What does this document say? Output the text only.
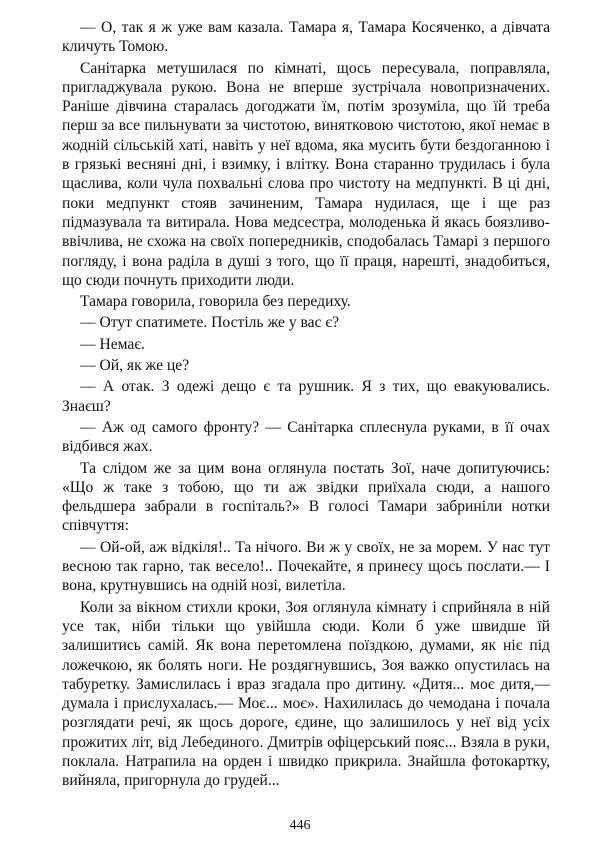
— О, так я ж уже вам казала. Тамара я, Тамара Косяченко, а дівчата кличуть Томою.

Санітарка метушилася по кімнаті, щось пересувала, поправляла, пригладжувала рукою. Вона не вперше зустрічала новопризначених. Раніше дівчина старалась догоджати їм, потім зрозуміла, що їй треба перш за все пильнувати за чистотою, винятковою чистотою, якої немає в жодній сільській хаті, навіть у неї вдома, яка мусить бути бездоганною і в грязькі весняні дні, і взимку, і влітку. Вона старанно трудилась і була щаслива, коли чула похвальні слова про чистоту на медпункті. В ці дні, поки медпункт стояв зачиненим, Тамара нудилася, ще і ще раз підмазувала та витирала. Нова медсестра, молоденька й якась боязливо-ввічлива, не схожа на своїх попередників, сподобалась Тамарі з першого погляду, і вона раділа в душі з того, що її праця, нарешті, знадобиться, що сюди почнуть приходити люди.

Тамара говорила, говорила без передиху.

— Отут спатимете. Постіль же у вас є?

— Немає.

— Ой, як же це?

— А отак. З одежі дещо є та рушник. Я з тих, що евакуювались. Знаєш?

— Аж од самого фронту? — Санітарка сплеснула руками, в її очах відбився жах.

Та слідом же за цим вона оглянула постать Зої, наче допитуючись: «Що ж таке з тобою, що ти аж звідки приїхала сюди, а нашого фельдшера забрали в госпіталь?» В голосі Тамари забриніли нотки співчуття:

— Ой-ой, аж відкіля!.. Та нічого. Ви ж у своїх, не за морем. У нас тут весною так гарно, так весело!.. Почекайте, я принесу щось послати.— І вона, крутнувшись на одній нозі, вилетіла.

Коли за вікном стихли кроки, Зоя оглянула кімнату і сприйняла в ній усе так, ніби тільки що увійшла сюди. Коли б уже швидше їй залишитись самій. Як вона перетомлена поїздкою, думами, як ніє під ложечкою, як болять ноги. Не роздягнувшись, Зоя важко опустилась на табуретку. Замислилась і враз згадала про дитину. «Дитя... моє дитя,— думала і прислухалась.— Моє... моє». Нахилилась до чемодана і почала розглядати речі, як щось дороге, єдине, що залишилось у неї від усіх прожитих літ, від Лебединого. Дмитрів офіцерський пояс... Взяла в руки, поклала. Натрапила на орден і швидко прикрила. Знайшла фотокартку, вийняла, пригорнула до грудей...

446
